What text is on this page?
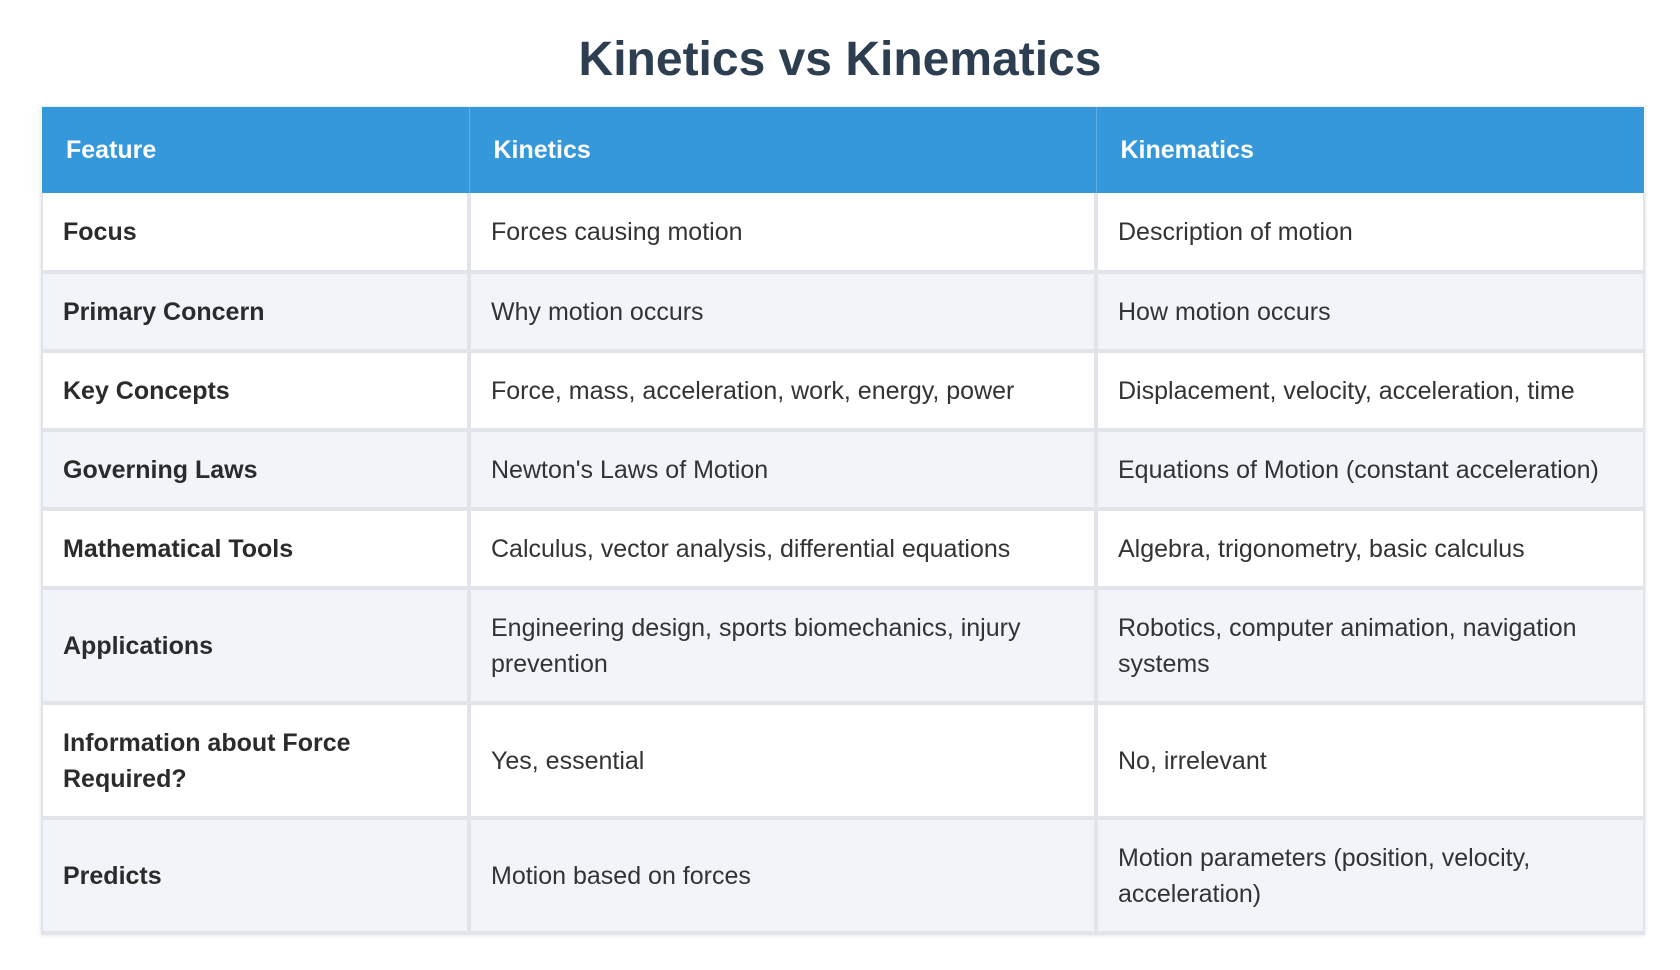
Kinetics vs Kinematics
Feature	Kinetics	Kinematics
Focus	Forces causing motion	Description of motion
Primary Concern	Why motion occurs	How motion occurs
Key Concepts	Force, mass, acceleration, work, energy, power	Displacement, velocity, acceleration, time
Governing Laws	Newton's Laws of Motion	Equations of Motion (constant acceleration)
Mathematical Tools	Calculus, vector analysis, differential equations	Algebra, trigonometry, basic calculus
Applications	Engineering design, sports biomechanics, injury prevention	Robotics, computer animation, navigation systems
Information about Force Required?	Yes, essential	No, irrelevant
Predicts	Motion based on forces	Motion parameters (position, velocity, acceleration)
